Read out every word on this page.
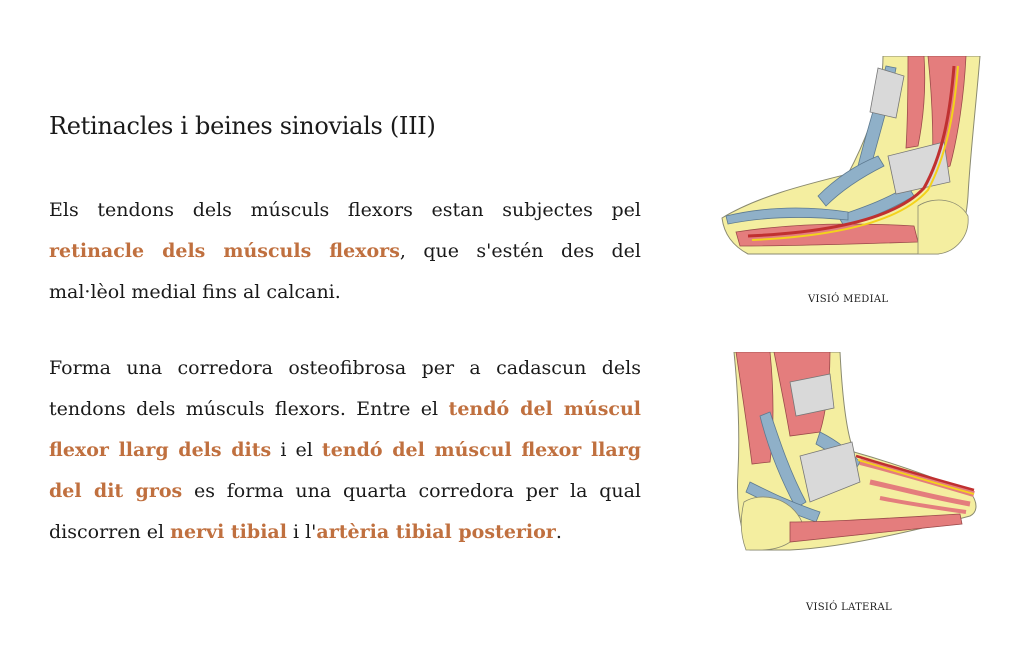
Retinacles i beines sinovials (III)

Els tendons dels músculs flexors estan subjectes pel retinacle dels músculs flexors, que s'estén des del mal·lèol medial fins al calcani.

Forma una corredora osteofibrosa per a cadascun dels tendons dels músculs flexors. Entre el tendó del múscul flexor llarg dels dits i el tendó del múscul flexor llarg del dit gros es forma una quarta corredora per la qual discorren el nervi tibial i l'artèria tibial posterior.

VISIÓ MEDIAL
VISIÓ LATERAL
